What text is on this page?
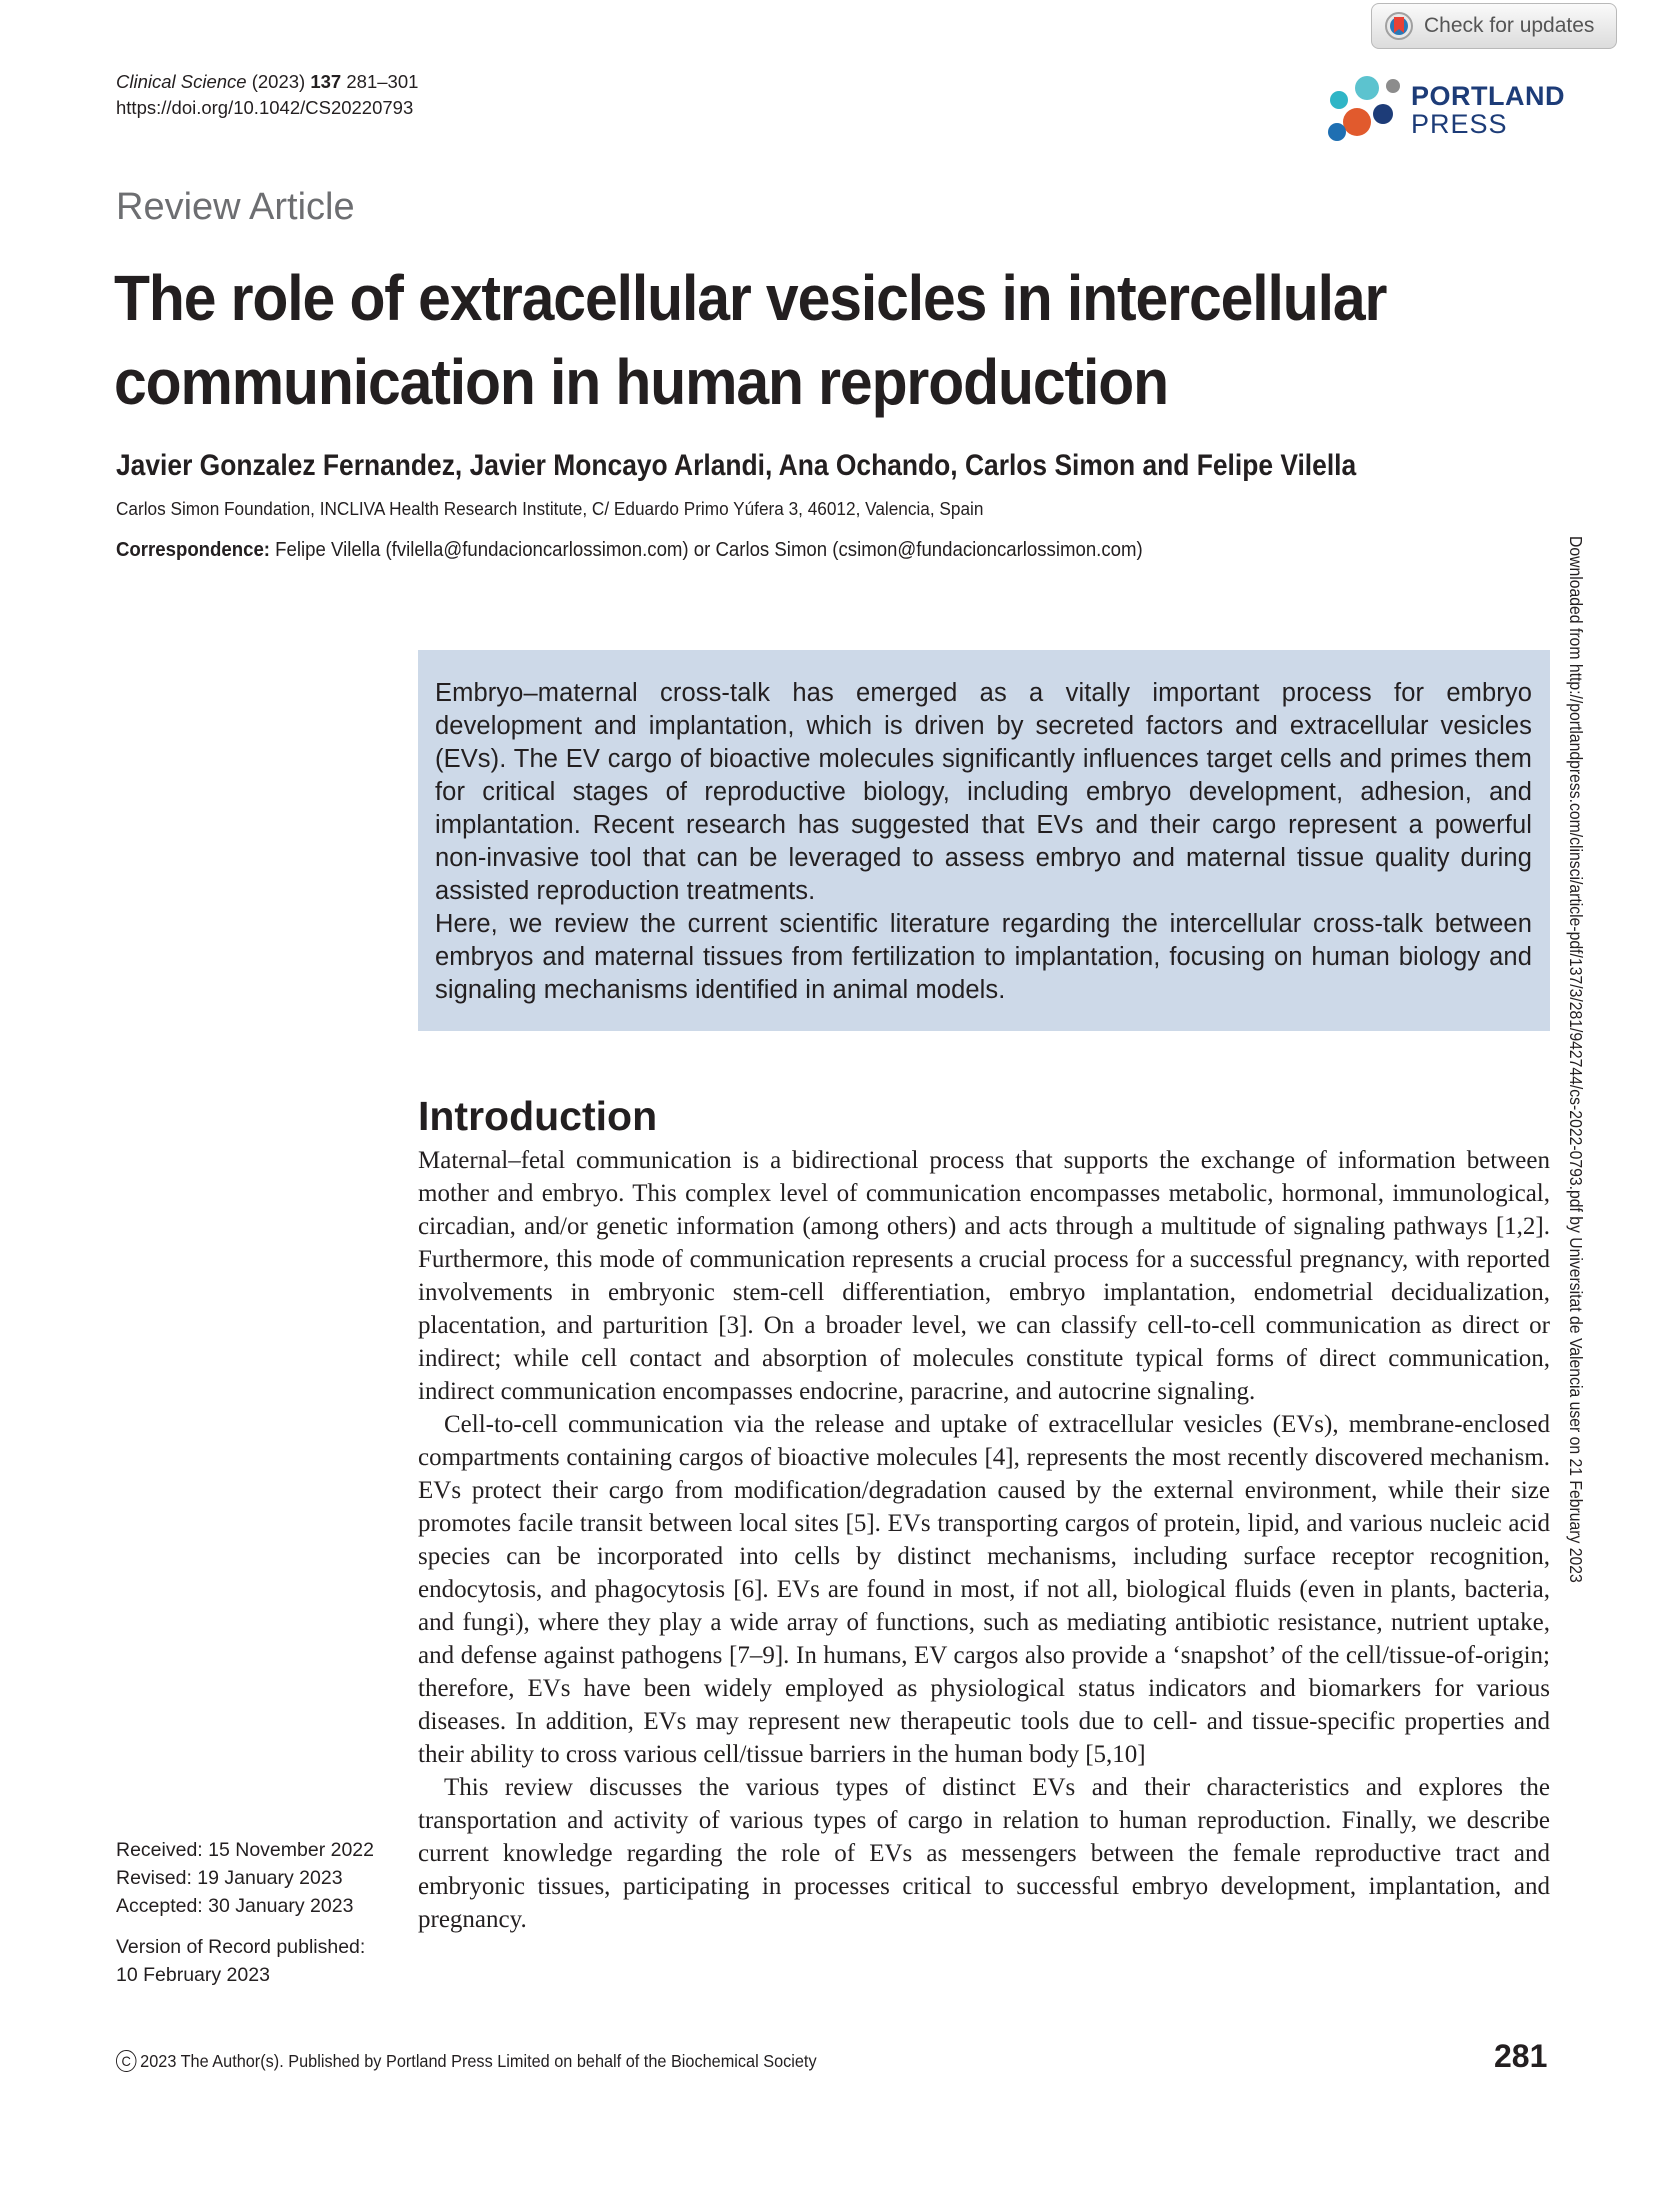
Clinical Science (2023) 137 281–301
https://doi.org/10.1042/CS20220793
Check for updates
PORTLAND
PRESS
Review Article
The role of extracellular vesicles in intercellular communication in human reproduction
Javier Gonzalez Fernandez, Javier Moncayo Arlandi, Ana Ochando, Carlos Simon and Felipe Vilella
Carlos Simon Foundation, INCLIVA Health Research Institute, C/ Eduardo Primo Yúfera 3, 46012, Valencia, Spain
Correspondence: Felipe Vilella (fvilella@fundacioncarlossimon.com) or Carlos Simon (csimon@fundacioncarlossimon.com)	Downloaded from http://portlandpress.com/clinsci/article-pdf/137/3/281/942744/cs-2022-0793.pdf by Universitat de Valencia user on 21 February 2023

Embryo–maternal cross-talk has emerged as a vitally important process for embryo development and implantation, which is driven by secreted factors and extracellular vesicles (EVs). The EV cargo of bioactive molecules significantly influences target cells and primes them for critical stages of reproductive biology, including embryo development, adhesion, and implantation. Recent research has suggested that EVs and their cargo represent a powerful non-invasive tool that can be leveraged to assess embryo and maternal tissue quality during assisted reproduction treatments.

Here, we review the current scientific literature regarding the intercellular cross-talk between embryos and maternal tissues from fertilization to implantation, focusing on human biology and signaling mechanisms identified in animal models.

Introduction

Maternal–fetal communication is a bidirectional process that supports the exchange of information between mother and embryo. This complex level of communication encompasses metabolic, hormonal, immunological, circadian, and/or genetic information (among others) and acts through a multitude of signaling pathways [1,2]. Furthermore, this mode of communication represents a crucial process for a successful pregnancy, with reported involvements in embryonic stem-cell differentiation, embryo implantation, endometrial decidualization, placentation, and parturition [3]. On a broader level, we can classify cell-to-cell communication as direct or indirect; while cell contact and absorption of molecules constitute typical forms of direct communication, indirect communication encompasses endocrine, paracrine, and autocrine signaling.

Cell-to-cell communication via the release and uptake of extracellular vesicles (EVs), membrane-enclosed compartments containing cargos of bioactive molecules [4], represents the most recently discovered mechanism. EVs protect their cargo from modification/degradation caused by the external environment, while their size promotes facile transit between local sites [5]. EVs transporting cargos of protein, lipid, and various nucleic acid species can be incorporated into cells by distinct mechanisms, including surface receptor recognition, endocytosis, and phagocytosis [6]. EVs are found in most, if not all, biological fluids (even in plants, bacteria, and fungi), where they play a wide array of functions, such as mediating antibiotic resistance, nutrient uptake, and defense against pathogens [7–9]. In humans, EV cargos also provide a ‘snapshot’ of the cell/tissue-of-origin; therefore, EVs have been widely employed as physiological status indicators and biomarkers for various diseases. In addition, EVs may represent new therapeutic tools due to cell- and tissue-specific properties and their ability to cross various cell/tissue barriers in the human body [5,10]

This review discusses the various types of distinct EVs and their characteristics and explores the transportation and activity of various types of cargo in relation to human reproduction. Finally, we describe current knowledge regarding the role of EVs as messengers between the female reproductive tract and embryonic tissues, participating in processes critical to successful embryo development, implantation, and pregnancy.

Received: 15 November 2022
Revised: 19 January 2023
Accepted: 30 January 2023
Version of Record published:
10 February 2023
C 2023 The Author(s). Published by Portland Press Limited on behalf of the Biochemical Society	281
